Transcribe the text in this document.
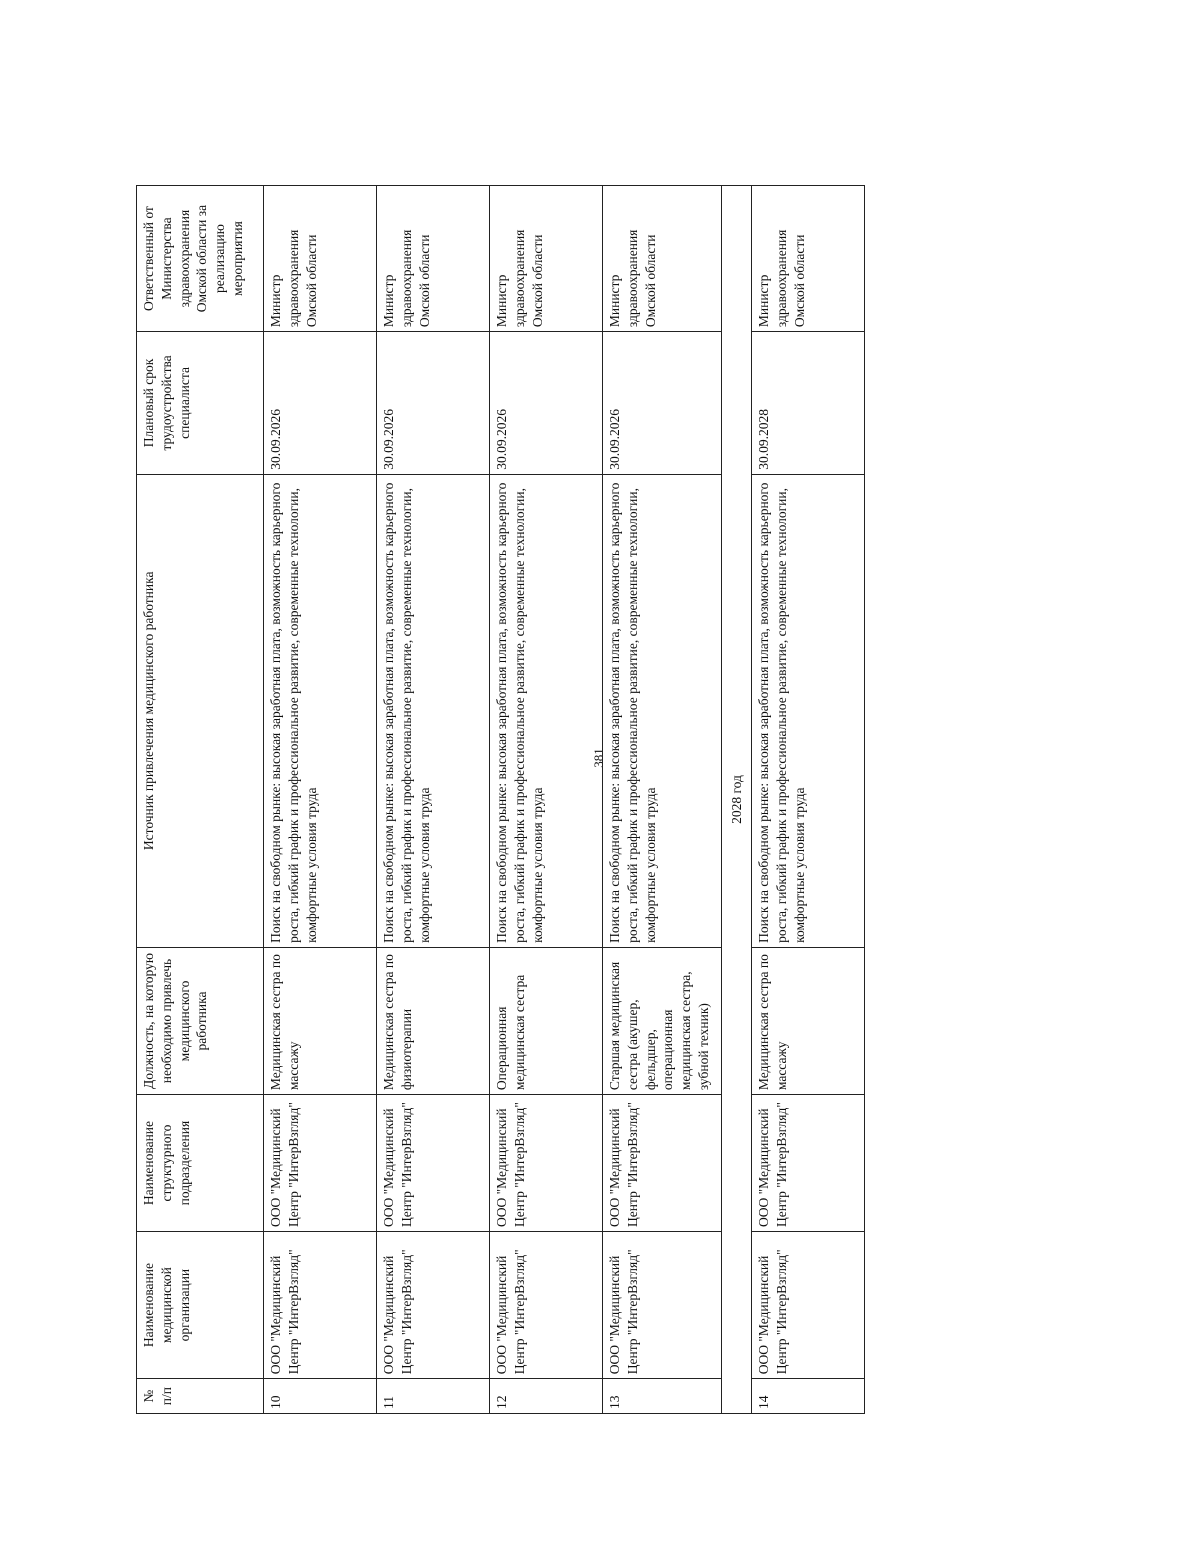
381
№ п/п	Наименование медицинской организации	Наименование структурного подразделения	Должность, на которую необходимо привлечь медицинского работника	Источник привлечения медицинского работника	Плановый срок трудоустройства специалиста	Ответственный от Министерства здравоохранения Омской области за реализацию мероприятия
10	ООО "Медицинский Центр "ИнтерВзгляд"	ООО "Медицинский Центр "ИнтерВзгляд"	Медицинская сестра по массажу	Поиск на свободном рынке: высокая заработная плата, возможность карьерного роста, гибкий график и профессиональное развитие, современные технологии, комфортные условия труда	30.09.2026	Министр здравоохранения Омской области
11	ООО "Медицинский Центр "ИнтерВзгляд"	ООО "Медицинский Центр "ИнтерВзгляд"	Медицинская сестра по физиотерапии	Поиск на свободном рынке: высокая заработная плата, возможность карьерного роста, гибкий график и профессиональное развитие, современные технологии, комфортные условия труда	30.09.2026	Министр здравоохранения Омской области
12	ООО "Медицинский Центр "ИнтерВзгляд"	ООО "Медицинский Центр "ИнтерВзгляд"	Операционная медицинская сестра	Поиск на свободном рынке: высокая заработная плата, возможность карьерного роста, гибкий график и профессиональное развитие, современные технологии, комфортные условия труда	30.09.2026	Министр здравоохранения Омской области
13	ООО "Медицинский Центр "ИнтерВзгляд"	ООО "Медицинский Центр "ИнтерВзгляд"	Старшая медицинская сестра (акушер, фельдшер, операционная медицинская сестра, зубной техник)	Поиск на свободном рынке: высокая заработная плата, возможность карьерного роста, гибкий график и профессиональное развитие, современные технологии, комфортные условия труда	30.09.2026	Министр здравоохранения Омской области
2028 год						
14	ООО "Медицинский Центр "ИнтерВзгляд"	ООО "Медицинский Центр "ИнтерВзгляд"	Медицинская сестра по массажу	Поиск на свободном рынке: высокая заработная плата, возможность карьерного роста, гибкий график и профессиональное развитие, современные технологии, комфортные условия труда	30.09.2028	Министр здравоохранения Омской области
